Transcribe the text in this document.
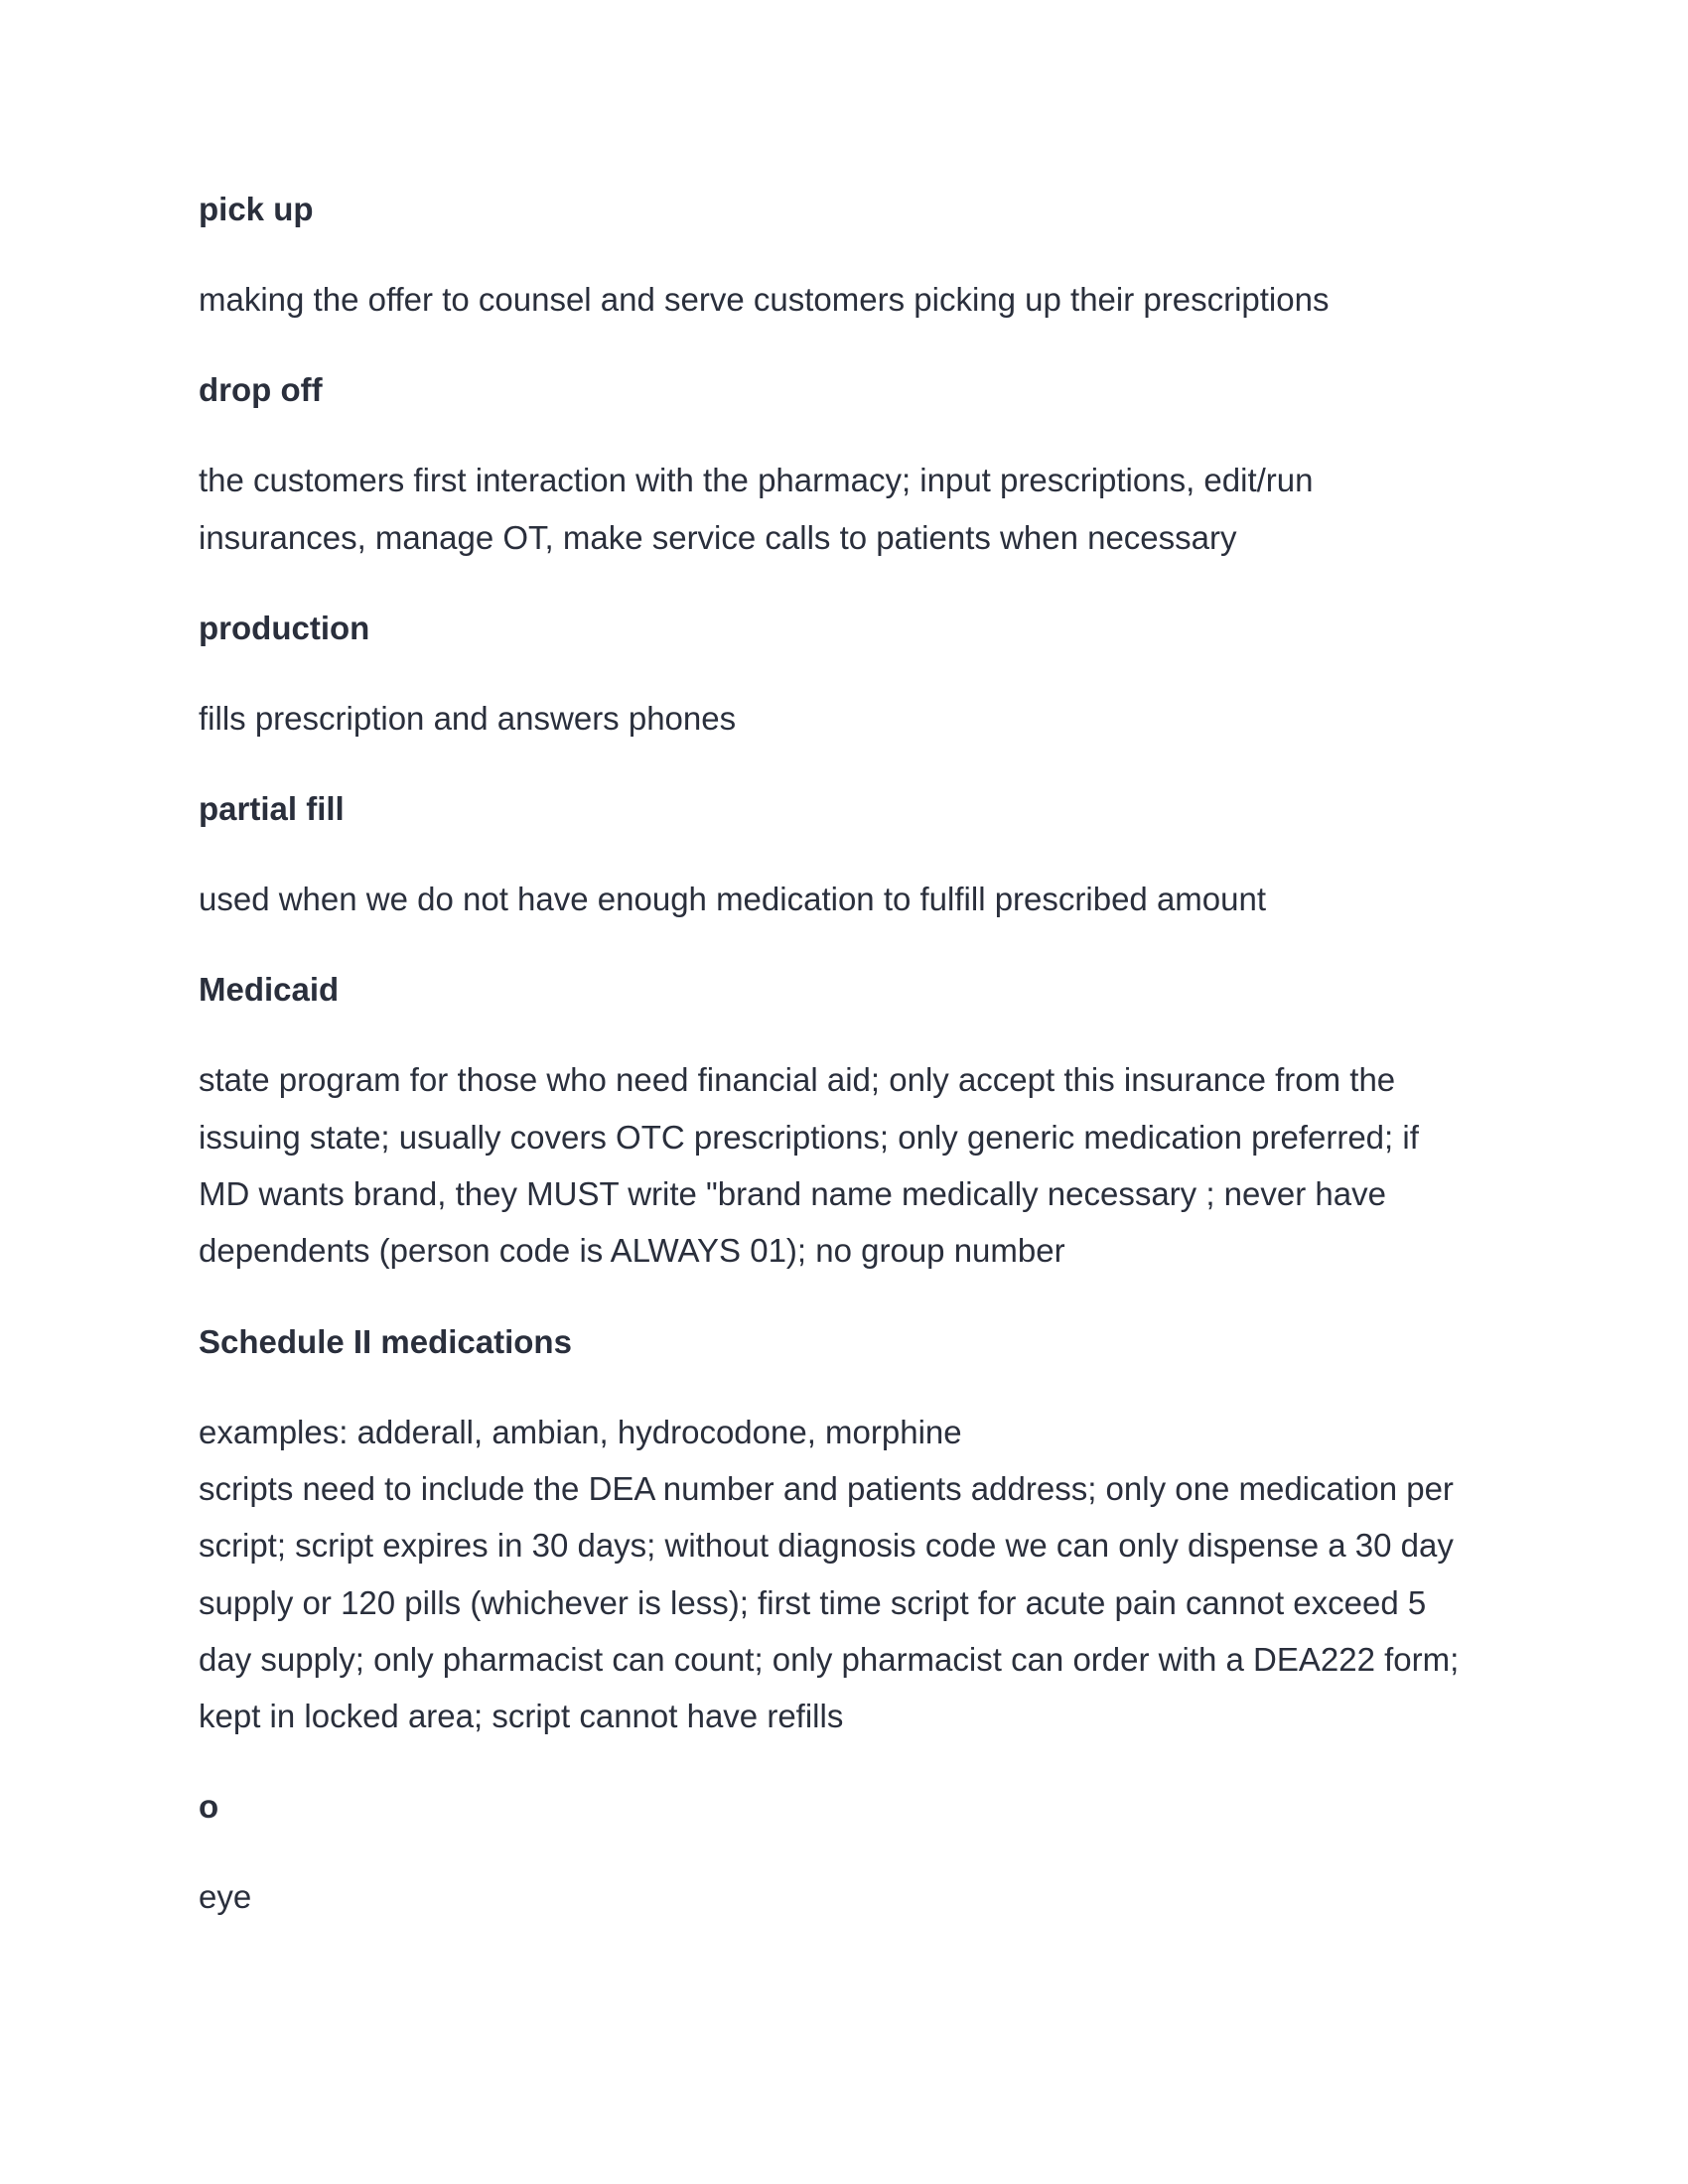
pick up
making the offer to counsel and serve customers picking up their prescriptions
drop off
the customers first interaction with the pharmacy; input prescriptions, edit/run
insurances, manage OT, make service calls to patients when necessary
production
fills prescription and answers phones
partial fill
used when we do not have enough medication to fulfill prescribed amount
Medicaid
state program for those who need financial aid; only accept this insurance from the
issuing state; usually covers OTC prescriptions; only generic medication preferred; if
MD wants brand, they MUST write "brand name medically necessary ; never have
dependents (person code is ALWAYS 01); no group number
Schedule II medications
examples: adderall, ambian, hydrocodone, morphine
scripts need to include the DEA number and patients address; only one medication per
script; script expires in 30 days; without diagnosis code we can only dispense a 30 day
supply or 120 pills (whichever is less); first time script for acute pain cannot exceed 5
day supply; only pharmacist can count; only pharmacist can order with a DEA222 form;
kept in locked area; script cannot have refills
o
eye
